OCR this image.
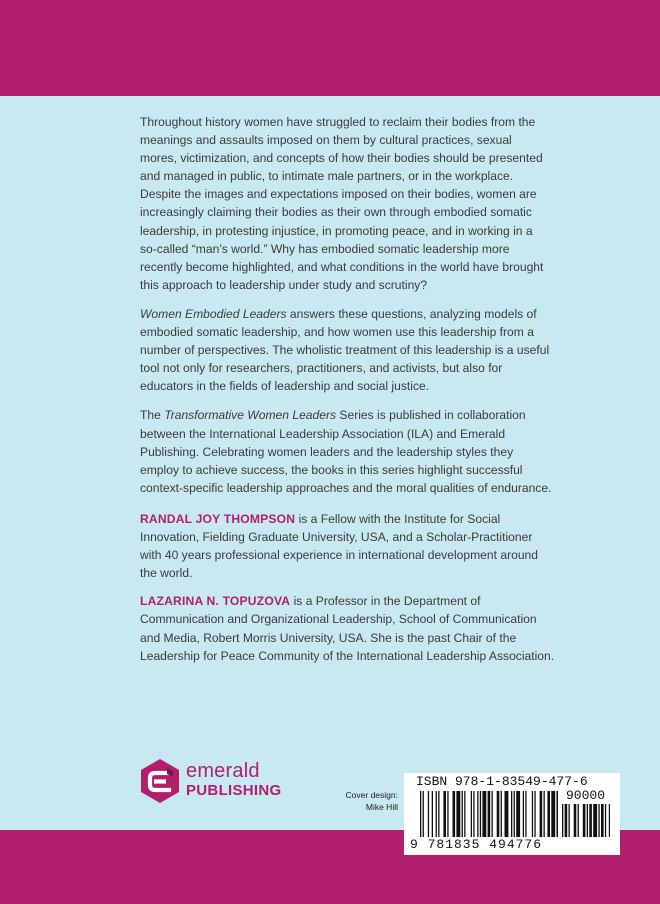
Throughout history women have struggled to reclaim their bodies from the meanings and assaults imposed on them by cultural practices, sexual mores, victimization, and concepts of how their bodies should be presented and managed in public, to intimate male partners, or in the workplace. Despite the images and expectations imposed on their bodies, women are increasingly claiming their bodies as their own through embodied somatic leadership, in protesting injustice, in promoting peace, and in working in a so-called “man’s world.” Why has embodied somatic leadership more recently become highlighted, and what conditions in the world have brought this approach to leadership under study and scrutiny?

Women Embodied Leaders answers these questions, analyzing models of embodied somatic leadership, and how women use this leadership from a number of perspectives. The wholistic treatment of this leadership is a useful tool not only for researchers, practitioners, and activists, but also for educators in the fields of leadership and social justice.

The Transformative Women Leaders Series is published in collaboration between the International Leadership Association (ILA) and Emerald Publishing. Celebrating women leaders and the leadership styles they employ to achieve success, the books in this series highlight successful context-specific leadership approaches and the moral qualities of endurance.

RANDAL JOY THOMPSON is a Fellow with the Institute for Social Innovation, Fielding Graduate University, USA, and a Scholar-Practitioner with 40 years professional experience in international development around the world.

LAZARINA N. TOPUZOVA is a Professor in the Department of Communication and Organizational Leadership, School of Communication and Media, Robert Morris University, USA. She is the past Chair of the Leadership for Peace Community of the International Leadership Association.

emerald
PUBLISHING	Cover design:
Mike Hill
ISBN 978-1-83549-477-6
90000
9 781835 494776
